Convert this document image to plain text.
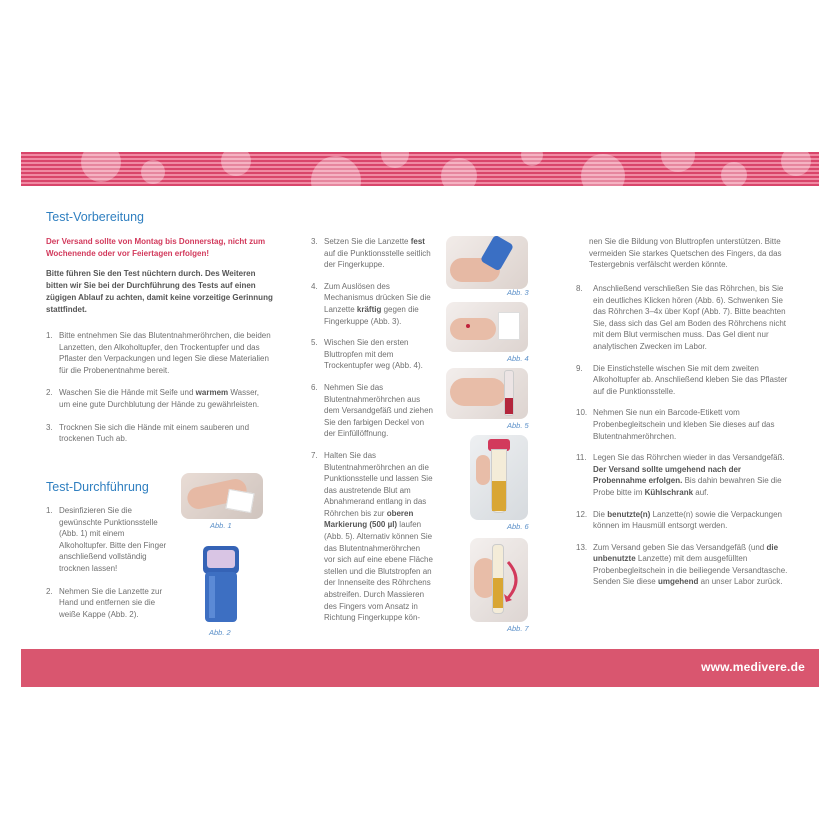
Test-Vorbereitung
Der Versand sollte von Montag bis Donnerstag, nicht zum Wochenende oder vor Feiertagen erfolgen!
Bitte führen Sie den Test nüchtern durch. Des Weiteren bitten wir Sie bei der Durchführung des Tests auf einen zügigen Ablauf zu achten, damit keine vorzeitige Gerinnung stattfindet.
1. Bitte entnehmen Sie das Blutentnahmeröhrchen, die beiden Lanzetten, den Alkoholtupfer, den Trockentupfer und das Pflaster den Verpackungen und legen Sie diese Materialien für die Probenentnahme bereit.
2. Waschen Sie die Hände mit Seife und warmem Wasser, um eine gute Durchblutung der Hände zu gewährleisten.
3. Trocknen Sie sich die Hände mit einem sauberen und trockenen Tuch ab.
Test-Durchführung
1. Desinfizieren Sie die gewünschte Punktionsstelle (Abb. 1) mit einem Alkoholtupfer. Bitte den Finger anschließend vollständig trocknen lassen!
2. Nehmen Sie die Lanzette zur Hand und entfernen sie die weiße Kappe (Abb. 2).
Abb. 1
Abb. 2
3. Setzen Sie die Lanzette fest auf die Punktionsstelle seitlich der Fingerkuppe.
4. Zum Auslösen des Mechanismus drücken Sie die Lanzette kräftig gegen die Fingerkuppe (Abb. 3).
5. Wischen Sie den ersten Bluttropfen mit dem Trockentupfer weg (Abb. 4).
6. Nehmen Sie das Blutentnahmeröhrchen aus dem Versandgefäß und ziehen Sie den farbigen Deckel von der Einfüllöffnung.
7. Halten Sie das Blutentnahmeröhrchen an die Punktionsstelle und lassen Sie das austretende Blut am Abnahmerand entlang in das Röhrchen bis zur oberen Markierung (500 µl) laufen (Abb. 5). Alternativ können Sie das Blutentnahmeröhrchen vor sich auf eine ebene Fläche stellen und die Blutstropfen an der Innenseite des Röhrchens abstreifen. Durch Massieren des Fingers vom Ansatz in Richtung Fingerkuppe kön-
Abb. 3
Abb. 4
Abb. 5
Abb. 6
Abb. 7
nen Sie die Bildung von Bluttropfen unterstützen. Bitte vermeiden Sie starkes Quetschen des Fingers, da das Testergebnis verfälscht werden könnte.
8. Anschließend verschließen Sie das Röhrchen, bis Sie ein deutliches Klicken hören (Abb. 6). Schwenken Sie das Röhrchen 3–4x über Kopf (Abb. 7). Bitte beachten Sie, dass sich das Gel am Boden des Röhrchens nicht mit dem Blut vermischen muss. Das Gel dient nur analytischen Zwecken im Labor.
9. Die Einstichstelle wischen Sie mit dem zweiten Alkoholtupfer ab. Anschließend kleben Sie das Pflaster auf die Punktionsstelle.
10. Nehmen Sie nun ein Barcode-Etikett vom Probenbegleitschein und kleben Sie dieses auf das Blutentnahmeröhrchen.
11. Legen Sie das Röhrchen wieder in das Versandgefäß. Der Versand sollte umgehend nach der Probennahme erfolgen. Bis dahin bewahren Sie die Probe bitte im Kühlschrank auf.
12. Die benutzte(n) Lanzette(n) sowie die Verpackungen können im Hausmüll entsorgt werden.
13. Zum Versand geben Sie das Versandgefäß (und die unbenutzte Lanzette) mit dem ausgefüllten Probenbegleitschein in die beiliegende Versandtasche. Senden Sie diese umgehend an unser Labor zurück.
www.medivere.de
